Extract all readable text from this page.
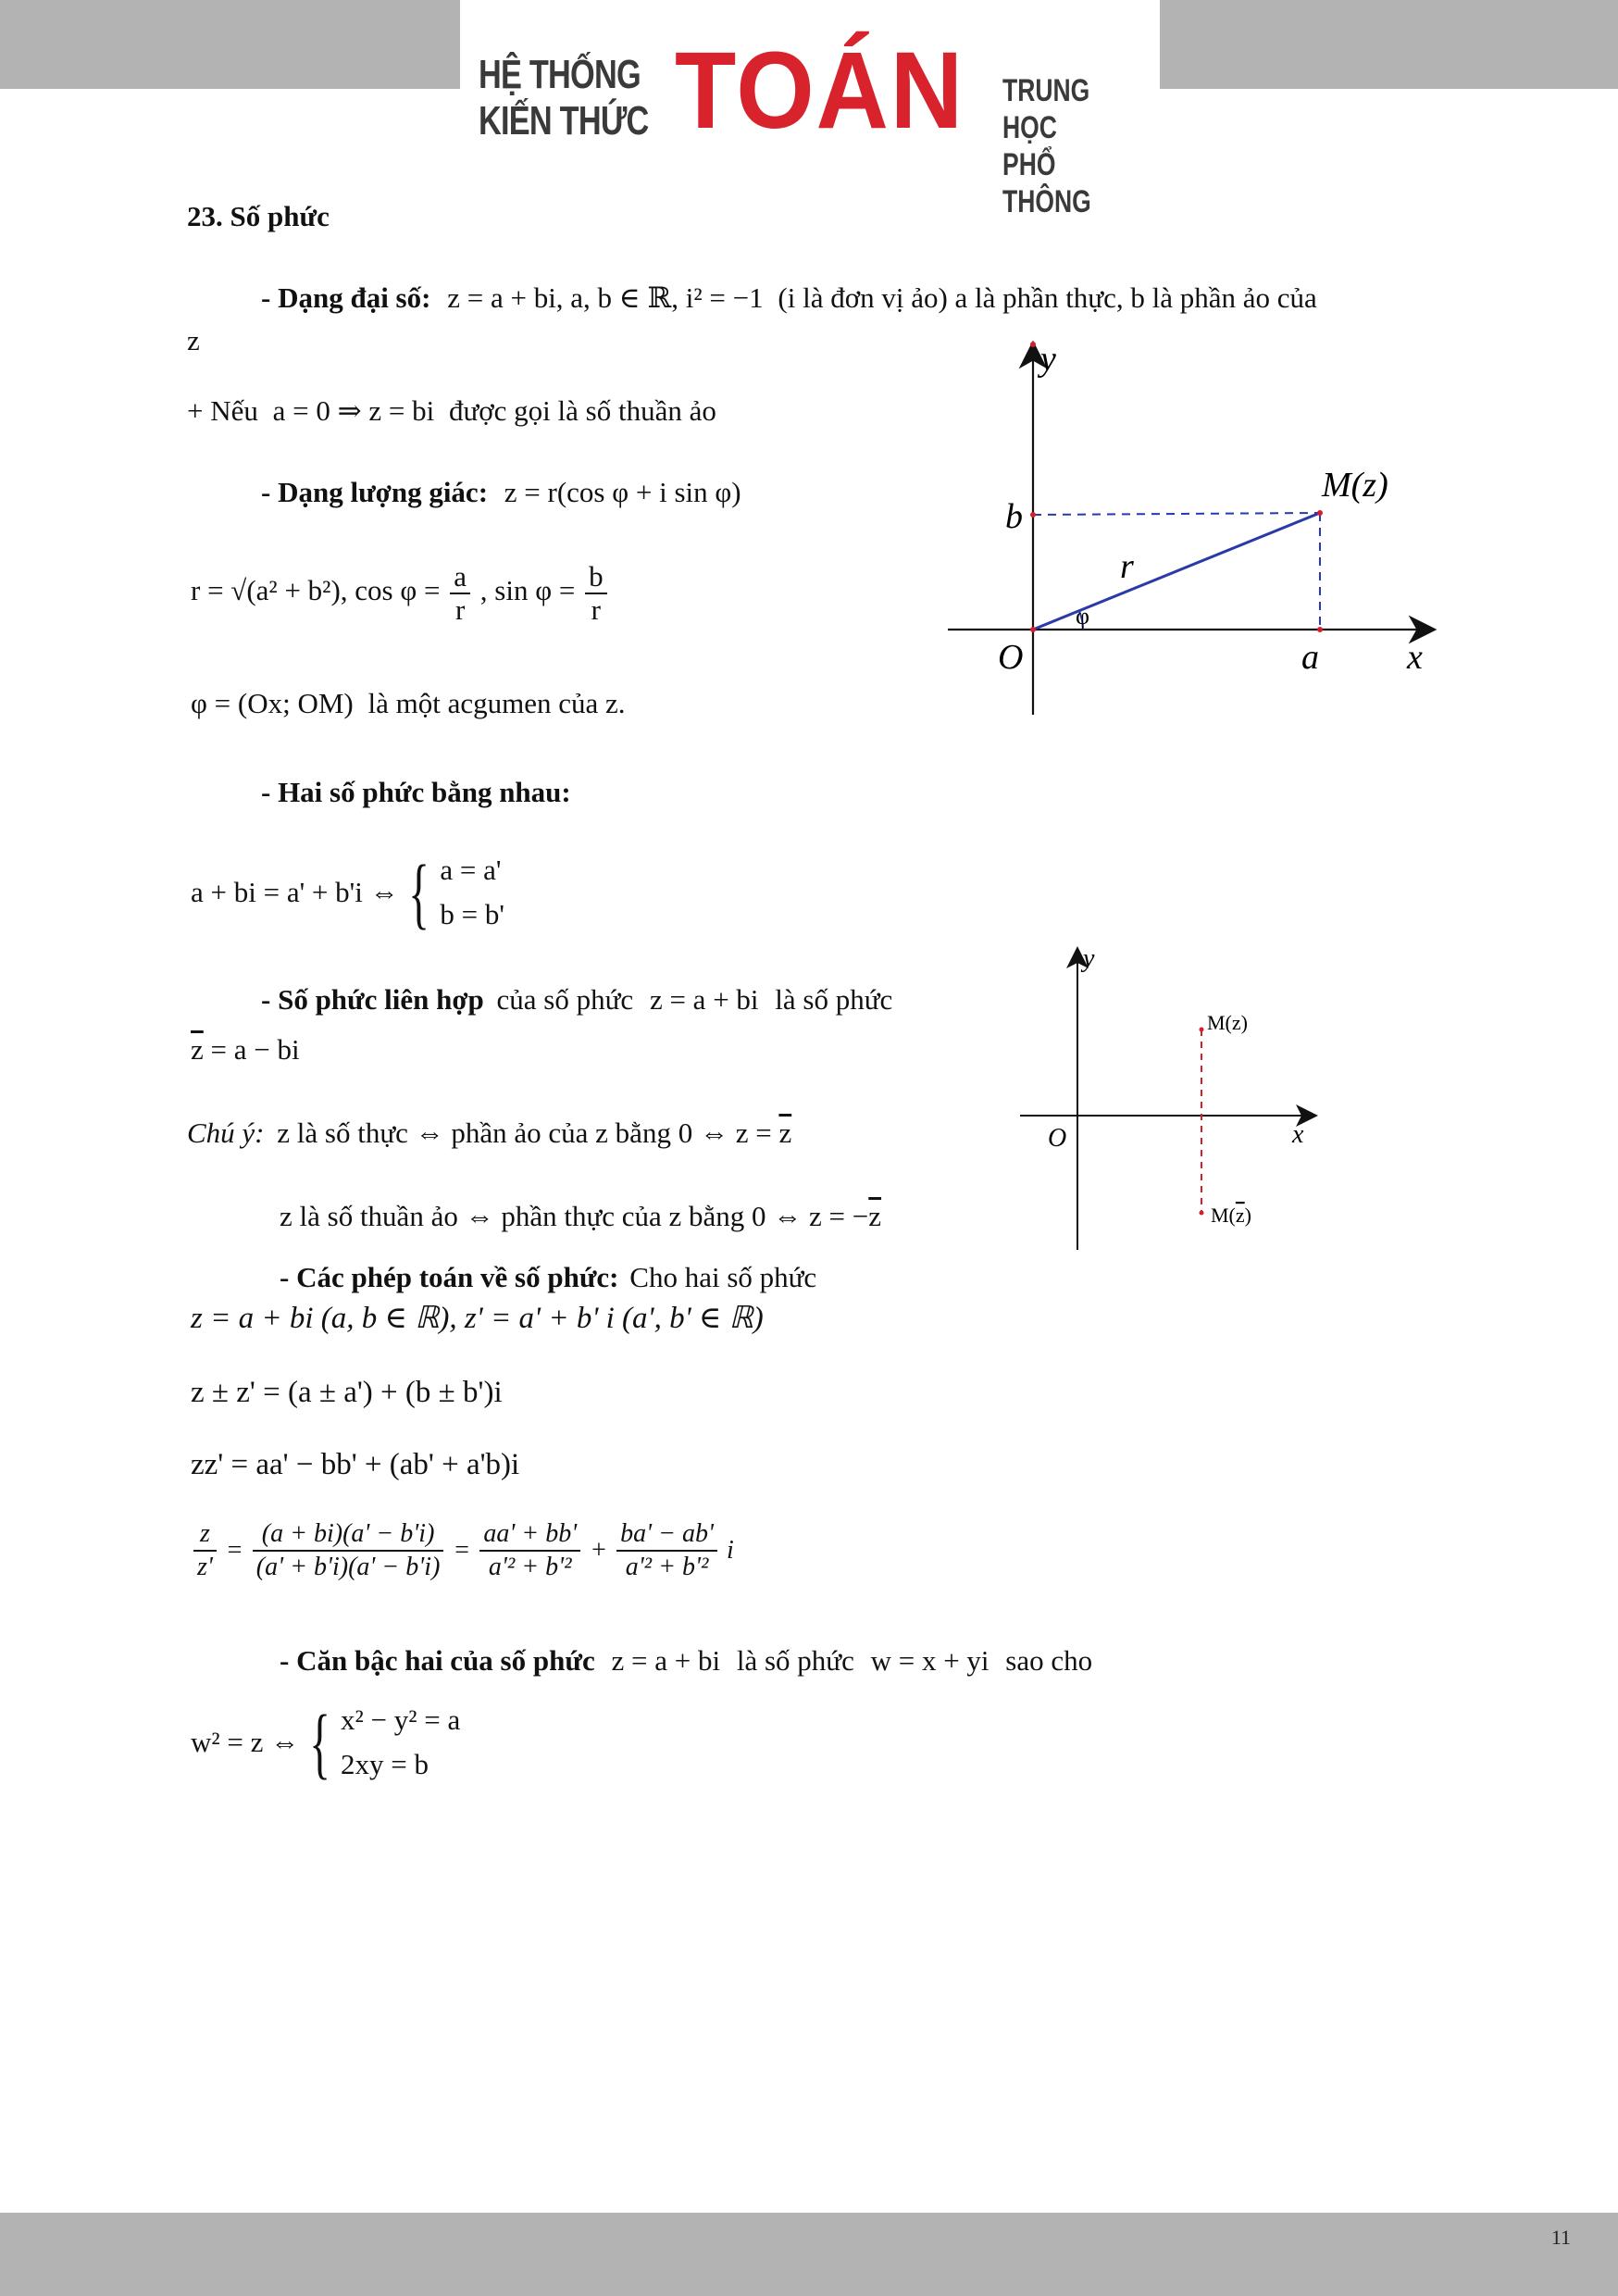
HỆ THỐNG
KIẾN THỨC TOÁN TRUNG HỌC
PHỔ THÔNG
23. Số phức
- Dạng đại số: z = a + bi, a, b ∈ ℝ, i² = −1 (i là đơn vị ảo) a là phần thực, b là phần ảo của
z
+ Nếu a = 0 ⇒ z = bi được gọi là số thuần ảo
- Dạng lượng giác: z = r(cos φ + i sin φ)
r = √(a² + b²), $\cos \varphi = \frac{a}{r}$ , $\sin \varphi = \frac{b}{r}$
φ = (Ox; OM) là một acgumen của z.
y
x
O	a
b
r
φ
M(z)
- Hai số phức bằng nhau:
a + bi = a' + b'i ⇔ { a = a'
b = b'
- Số phức liên hợp của số phức z = a + bi là số phức
$\overline{z} = a$ − bi
Chú ý: z là số thực ⇔ phần ảo của z bằng 0 ⇔ $z = \overline{z}$
z là số thuần ảo ⇔ phần thực của z bằng 0 ⇔ $z = -\overline{z}$
y
x
O
M(z)
M(z)
- Các phép toán về số phức: Cho hai số phức
z = a + bi (a, b ∈ ℝ), z' = a' + b' i (a', b' ∈ ℝ)
z ± z' = (a ± a') + (b ± b')i
zz' = aa' − bb' + (ab' + a'b)i
$\frac{z}{z'} = \frac{(a + bi)(a' - b'i)}{(a' + b'i)(a' - b'i)} = \frac{aa' + bb'}{\text{a'² + b'²}} + \frac{ba' - ab'}{\text{a'² + b'²}}$ i
- Căn bậc hai của số phức z = a + bi là số phức w = x + yi sao cho
w² = z ⇔ { x² − y² = a
2xy = b
11
